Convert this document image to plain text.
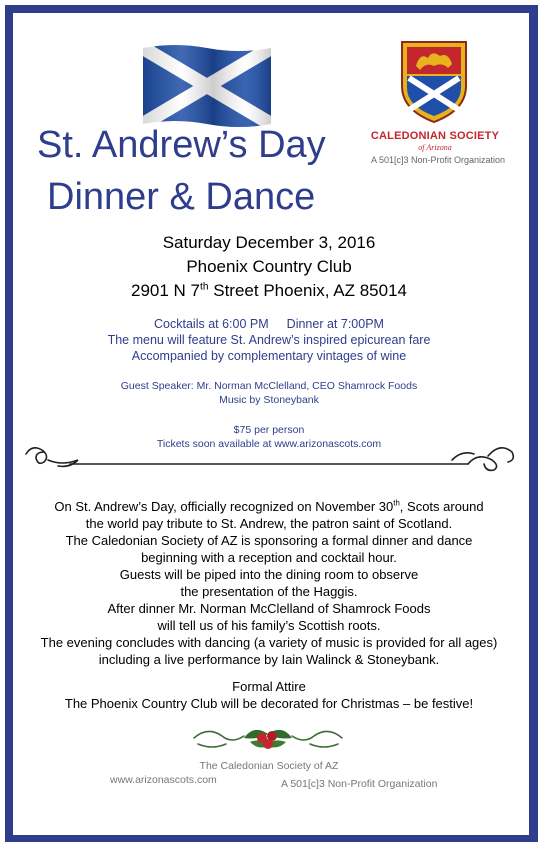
CALEDONIAN SOCIETY
of Arizona
A 501[c]3 Non-Profit Organization
St. Andrew’s Day
Dinner & Dance
Saturday December 3, 2016
Phoenix Country Club
2901 N 7th Street Phoenix, AZ 85014
Cocktails at 6:00 PM Dinner at 7:00PM
The menu will feature St. Andrew’s inspired epicurean fare
Accompanied by complementary vintages of wine
Guest Speaker: Mr. Norman McClelland, CEO Shamrock Foods
Music by Stoneybank
$75 per person
Tickets soon available at www.arizonascots.com
On St. Andrew’s Day, officially recognized on November 30th, Scots around
the world pay tribute to St. Andrew, the patron saint of Scotland.
The Caledonian Society of AZ is sponsoring a formal dinner and dance
beginning with a reception and cocktail hour.
Guests will be piped into the dining room to observe
the presentation of the Haggis.
After dinner Mr. Norman McClelland of Shamrock Foods
will tell us of his family’s Scottish roots.
The evening concludes with dancing (a variety of music is provided for all ages)
including a live performance by Iain Walinck & Stoneybank.
Formal Attire
The Phoenix Country Club will be decorated for Christmas – be festive!
The Caledonian Society of AZ
www.arizonascots.com	A 501[c]3 Non-Profit Organization
